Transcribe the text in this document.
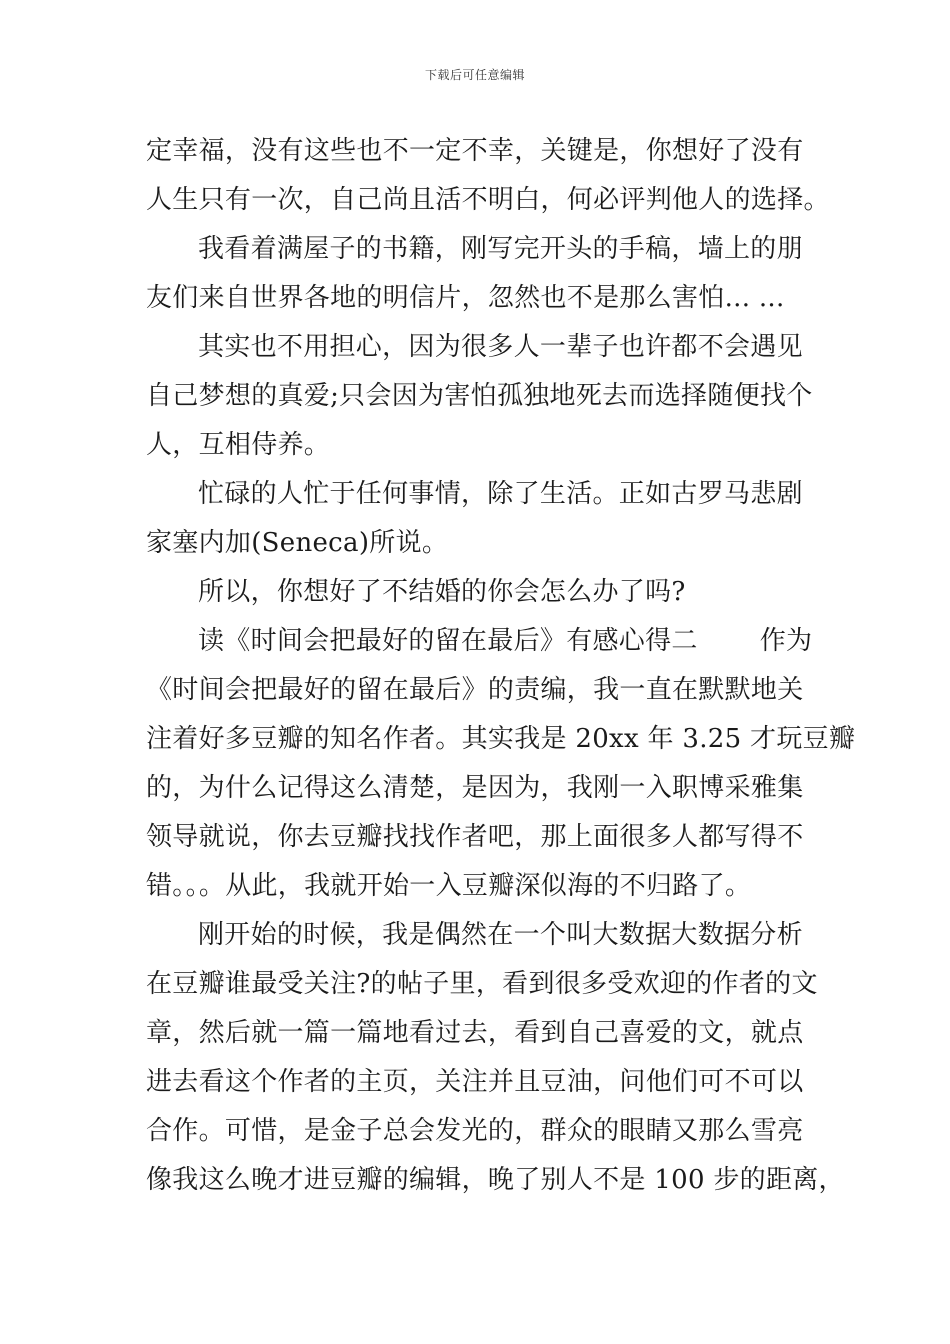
下载后可任意编辑
定幸福，没有这些也不一定不幸，关键是，你想好了没有
人生只有一次，自己尚且活不明白，何必评判他人的选择。
我看着满屋子的书籍，刚写完开头的手稿，墙上的朋
友们来自世界各地的明信片，忽然也不是那么害怕... ...
其实也不用担心，因为很多人一辈子也许都不会遇见
自己梦想的真爱;只会因为害怕孤独地死去而选择随便找个
人，互相侍养。
忙碌的人忙于任何事情，除了生活。正如古罗马悲剧
家塞内加(Seneca)所说。
所以，你想好了不结婚的你会怎么办了吗?
读《时间会把最好的留在最后》有感心得二 作为
《时间会把最好的留在最后》的责编，我一直在默默地关
注着好多豆瓣的知名作者。其实我是 20xx 年 3.25 才玩豆瓣
的，为什么记得这么清楚，是因为，我刚一入职博采雅集
领导就说，你去豆瓣找找作者吧，那上面很多人都写得不
错。。。从此，我就开始一入豆瓣深似海的不归路了。
刚开始的时候，我是偶然在一个叫大数据大数据分析
在豆瓣谁最受关注?的帖子里，看到很多受欢迎的作者的文
章，然后就一篇一篇地看过去，看到自己喜爱的文，就点
进去看这个作者的主页，关注并且豆油，问他们可不可以
合作。可惜，是金子总会发光的，群众的眼睛又那么雪亮
像我这么晚才进豆瓣的编辑，晚了别人不是 100 步的距离，
